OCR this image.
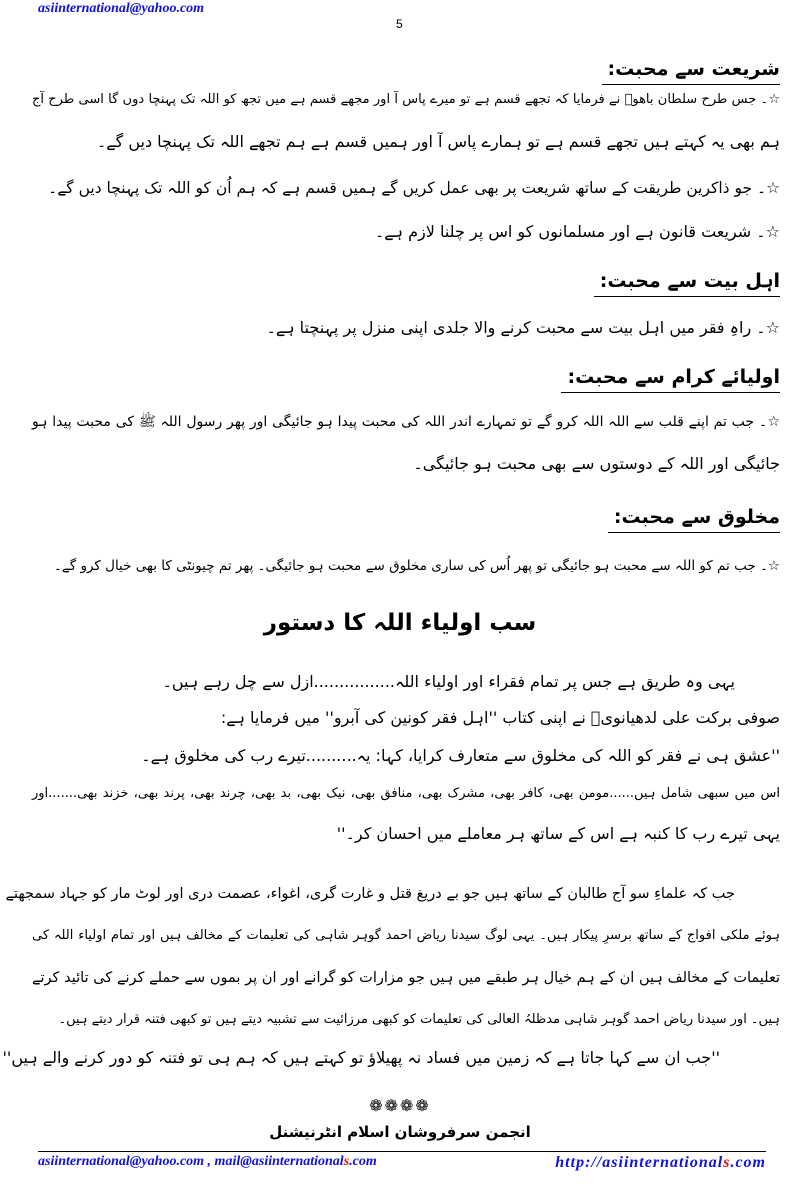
asiinternational@yahoo.com
5
شریعت سے محبت:
☆۔ جس طرح سلطان باھوؒ نے فرمایا کہ تجھے قسم ہے تو میرے پاس آ اور مجھے قسم ہے میں تجھ کو اللہ تک پہنچا دوں گا اسی طرح آج
ہم بھی یہ کہتے ہیں تجھے قسم ہے تو ہمارے پاس آ اور ہمیں قسم ہے ہم تجھے اللہ تک پہنچا دیں گے۔
☆۔ جو ذاکرین طریقت کے ساتھ شریعت پر بھی عمل کریں گے ہمیں قسم ہے کہ ہم اُن کو اللہ تک پہنچا دیں گے۔
☆۔ شریعت قانون ہے اور مسلمانوں کو اس پر چلنا لازم ہے۔
اہل بیت سے محبت:
☆۔ راہِ فقر میں اہل بیت سے محبت کرنے والا جلدی اپنی منزل پر پہنچتا ہے۔
اولیائے کرام سے محبت:
☆۔ جب تم اپنے قلب سے اللہ اللہ کرو گے تو تمہارے اندر اللہ کی محبت پیدا ہو جائیگی اور پھر رسول اللہ ﷺ کی محبت پیدا ہو
جائیگی اور اللہ کے دوستوں سے بھی محبت ہو جائیگی۔
مخلوق سے محبت:
☆۔ جب تم کو اللہ سے محبت ہو جائیگی تو پھر اُس کی ساری مخلوق سے محبت ہو جائیگی۔ پھر تم چیونٹی کا بھی خیال کرو گے۔
سب اولیاء اللہ کا دستور
یہی وہ طریق ہے جس پر تمام فقراء اور اولیاء اللہ................ازل سے چل رہے ہیں۔
صوفی برکت علی لدھیانویؒ نے اپنی کتاب ''اہل فقر کونین کی آبرو'' میں فرمایا ہے:
''عشق ہی نے فقر کو اللہ کی مخلوق سے متعارف کرایا، کہا: یہ..........تیرے رب کی مخلوق ہے۔
اس میں سبھی شامل ہیں......مومن بھی، کافر بھی، مشرک بھی، منافق بھی، نیک بھی، بد بھی، چرند بھی، پرند بھی، خزند بھی.......اور
یہی تیرے رب کا کنبہ ہے اس کے ساتھ ہر معاملے میں احسان کر۔''
جب کہ علماءِ سو آج طالبان کے ساتھ ہیں جو بے دریغ قتل و غارت گری، اغواء، عصمت دری اور لوٹ مار کو جہاد سمجھتے
ہوئے ملکی افواج کے ساتھ برسرِ پیکار ہیں۔ یہی لوگ سیدنا ریاض احمد گوہر شاہی کی تعلیمات کے مخالف ہیں اور تمام اولیاء اللہ کی
تعلیمات کے مخالف ہیں ان کے ہم خیال ہر طبقے میں ہیں جو مزارات کو گرانے اور ان پر بموں سے حملے کرنے کی تائید کرتے
ہیں۔ اور سیدنا ریاض احمد گوہر شاہی مدظلہُ العالی کی تعلیمات کو کبھی مرزائیت سے تشبیہ دیتے ہیں تو کبھی فتنہ قرار دیتے ہیں۔
''جب ان سے کہا جاتا ہے کہ زمین میں فساد نہ پھیلاؤ تو کہتے ہیں کہ ہم ہی تو فتنہ کو دور کرنے والے ہیں''
❁❁❁❁
انجمن سرفروشان اسلام انٹرنیشنل
asiinternational@yahoo.com , mail@asiinternationals.com	http://asiinternationals.com
